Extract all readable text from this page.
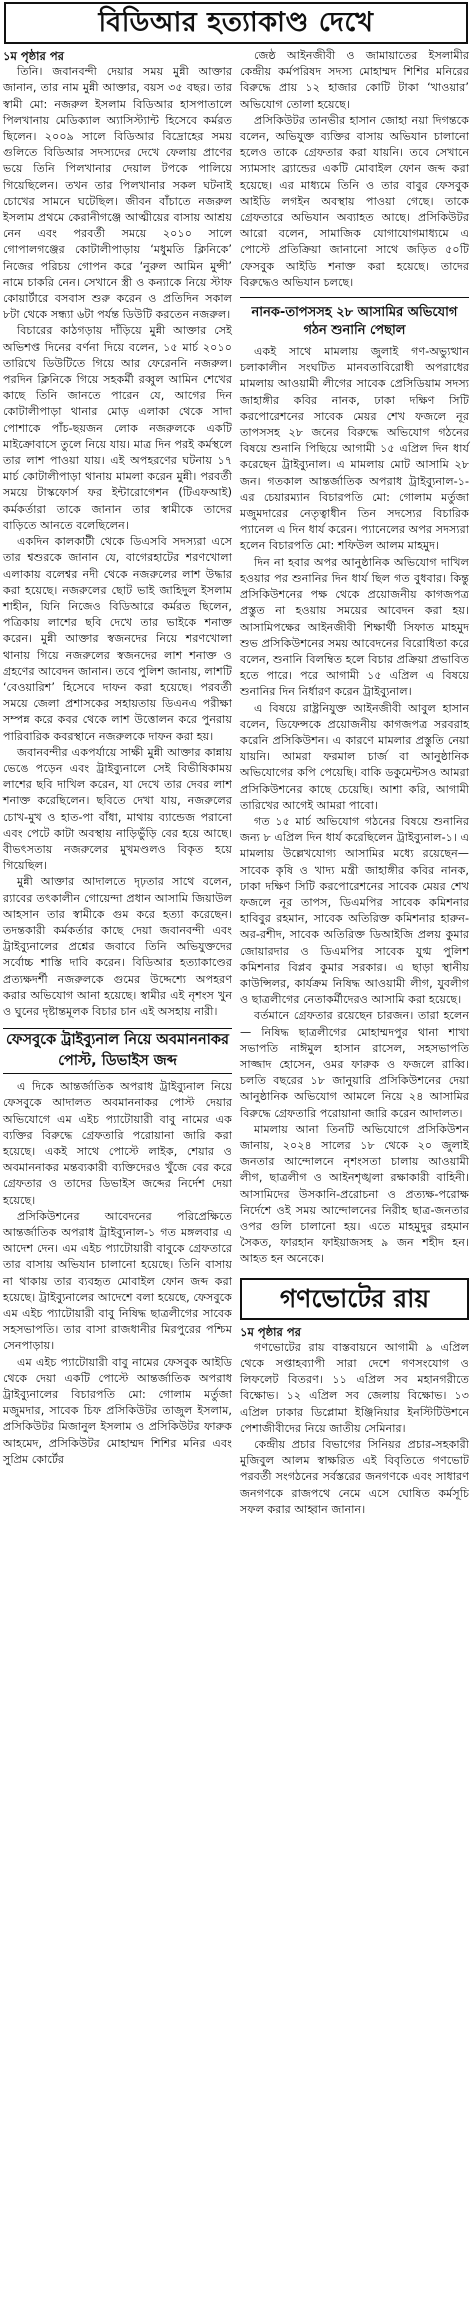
বিডিআর হত্যাকাণ্ড দেখে

১ম পৃষ্ঠার পর

তিনি। জবানবন্দী দেয়ার সময় মুন্নী আক্তার জানান, তার নাম মুন্নী আক্তার, বয়স ৩৫ বছর। তার স্বামী মো: নজরুল ইসলাম বিডিআর হাসপাতালে পিলখানায় মেডিক্যাল অ্যাসিস্ট্যান্ট হিসেবে কর্মরত ছিলেন। ২০০৯ সালে বিডিআর বিদ্রোহের সময় গুলিতে বিডিআর সদস্যদের দেখে ফেলায় প্রাণের ভয়ে তিনি পিলখানার দেয়াল টপকে পালিয়ে গিয়েছিলেন। তখন তার পিলখানার সকল ঘটনাই চোখের সামনে ঘটেছিল। জীবন বাঁচাতে নজরুল ইসলাম প্রথমে কেরানীগঞ্জে আত্মীয়ের বাসায় আশ্রয় নেন এবং পরবর্তী সময়ে ২০১০ সালে গোপালগঞ্জের কোটালীপাড়ায় ‘মধুমতি ক্লিনিকে’ নিজের পরিচয় গোপন করে ‘নুরুল আমিন মুন্সী’ নামে চাকরি নেন। সেখানে স্ত্রী ও কন্যাকে নিয়ে স্টাফ কোয়ার্টারে বসবাস শুরু করেন ও প্রতিদিন সকাল ৮টা থেকে সন্ধ্যা ৬টা পর্যন্ত ডিউটি করতেন নজরুল।

বিচারের কাঠগড়ায় দাঁড়িয়ে মুন্নী আক্তার সেই অভিশপ্ত দিনের বর্ণনা দিয়ে বলেন, ১৫ মার্চ ২০১০ তারিখে ডিউটিতে গিয়ে আর ফেরেননি নজরুল। পরদিন ক্লিনিকে গিয়ে সহকর্মী রব্বুল আমিন শেখের কাছে তিনি জানতে পারেন যে, আগের দিন কোটালীপাড়া থানার মোড় এলাকা থেকে সাদা পোশাকে পাঁচ-ছয়জন লোক নজরুলকে একটি মাইক্রোবাসে তুলে নিয়ে যায়। মাত্র দিন পরই কর্মস্থলে তার লাশ পাওয়া যায়। এই অপহরণের ঘটনায় ১৭ মার্চ কোটালীপাড়া থানায় মামলা করেন মুন্নী। পরবর্তী সময়ে টাস্কফোর্স ফর ইন্টারোগেশন (টিএফআই) কর্মকর্তারা তাকে জানান তার স্বামীকে তাদের বাড়িতে আনতে বলেছিলেন।

একদিন কালকাটী থেকে ডিএসবি সদস্যরা এসে তার শ্বশুরকে জানান যে, বাগেরহাটের শরণখোলা এলাকায় বলেশ্বর নদী থেকে নজরুলের লাশ উদ্ধার করা হয়েছে। নজরুলের ছোট ভাই জাহিদুল ইসলাম শাহীন, যিনি নিজেও বিডিআরে কর্মরত ছিলেন, পত্রিকায় লাশের ছবি দেখে তার ভাইকে শনাক্ত করেন। মুন্নী আক্তার স্বজনদের নিয়ে শরণখোলা থানায় গিয়ে নজরুলের স্বজনদের লাশ শনাক্ত ও গ্রহণের আবেদন জানান। তবে পুলিশ জানায়, লাশটি ‘বেওয়ারিশ’ হিসেবে দাফন করা হয়েছে। পরবর্তী সময়ে জেলা প্রশাসকের সহায়তায় ডিএনএ পরীক্ষা সম্পন্ন করে কবর থেকে লাশ উত্তোলন করে পুনরায় পারিবারিক কবরস্থানে নজরুলকে দাফন করা হয়।

জবানবন্দীর একপর্যায়ে সাক্ষী মুন্নী আক্তার কান্নায় ভেঙে পড়েন এবং ট্রাইব্যুনালে সেই বিভীষিকাময় লাশের ছবি দাখিল করেন, যা দেখে তার দেবর লাশ শনাক্ত করেছিলেন। ছবিতে দেখা যায়, নজরুলের চোখ-মুখ ও হাত-পা বাঁধা, মাথায় ব্যান্ডেজ পরানো এবং পেটে কাটা অবস্থায় নাড়িভুঁড়ি বের হয়ে আছে। বীভৎসতায় নজরুলের মুখমণ্ডলও বিকৃত হয়ে গিয়েছিল।

মুন্নী আক্তার আদালতে দৃঢ়তার সাথে বলেন, র‌্যাবের তৎকালীন গোয়েন্দা প্রধান আসামি জিয়াউল আহসান তার স্বামীকে গুম করে হত্যা করেছেন। তদন্তকারী কর্মকর্তার কাছে দেয়া জবানবন্দী এবং ট্রাইব্যুনালের প্রশ্নের জবাবে তিনি অভিযুক্তদের সর্বোচ্চ শাস্তি দাবি করেন। বিডিআর হত্যাকাণ্ডের প্রত্যক্ষদর্শী নজরুলকে গুমের উদ্দেশ্যে অপহরণ করার অভিযোগ আনা হয়েছে। স্বামীর এই নৃশংস খুন ও ঘুনের দৃষ্টান্তমূলক বিচার চান এই অসহায় নারী।

ফেসবুকে ট্রাইব্যুনাল নিয়ে অবমাননাকর পোস্ট, ডিভাইস জব্দ

এ দিকে আন্তর্জাতিক অপরাধ ট্রাইব্যুনাল নিয়ে ফেসবুকে আদালত অবমাননাকর পোস্ট দেয়ার অভিযোগে এম এইচ প্যাটোয়ারী বাবু নামের এক ব্যক্তির বিরুদ্ধে গ্রেফতারি পরোয়ানা জারি করা হয়েছে। একই সাথে পোস্টে লাইক, শেয়ার ও অবমাননাকর মন্তব্যকারী ব্যক্তিদেরও খুঁজে বের করে গ্রেফতার ও তাদের ডিভাইস জব্দের নির্দেশ দেয়া হয়েছে।

প্রসিকিউশনের আবেদনের পরিপ্রেক্ষিতে আন্তর্জাতিক অপরাধ ট্রাইব্যুনাল-১ গত মঙ্গলবার এ আদেশ দেন। এম এইচ প্যাটোয়ারী বাবুকে গ্রেফতারে তার বাসায় অভিযান চালানো হয়েছে। তিনি বাসায় না থাকায় তার ব্যবহৃত মোবাইল ফোন জব্দ করা হয়েছে। ট্রাইব্যুনালের আদেশে বলা হয়েছে, ফেসবুকে এম এইচ প্যাটোয়ারী বাবু নিষিদ্ধ ছাত্রলীগের সাবেক সহসভাপতি। তার বাসা রাজধানীর মিরপুরের পশ্চিম সেনপাড়ায়।

এম এইচ প্যাটোয়ারী বাবু নামের ফেসবুক আইডি থেকে দেয়া একটি পোস্টে আন্তর্জাতিক অপরাধ ট্রাইব্যুনালের বিচারপতি মো: গোলাম মর্তুজা মজুমদার, সাবেক চিফ প্রসিকিউটর তাজুল ইসলাম, প্রসিকিউটর মিজানুল ইসলাম ও প্রসিকিউটর ফারুক আহমেদ, প্রসিকিউটর মোহাম্মদ শিশির মনির এবং সুপ্রিম কোর্টের

জেষ্ঠ আইনজীবী ও জামায়াতের ইসলামীর কেন্দ্রীয় কর্মপরিষদ সদস্য মোহাম্মদ শিশির মনিরের বিরুদ্ধে প্রায় ১২ হাজার কোটি টাকা ‘খাওয়ার’ অভিযোগ তোলা হয়েছে।

প্রসিকিউটর তানভীর হাসান জোহা নয়া দিগন্তকে বলেন, অভিযুক্ত ব্যক্তির বাসায় অভিযান চালানো হলেও তাকে গ্রেফতার করা যায়নি। তবে সেখানে স্যামসাং ব্র্যান্ডের একটি মোবাইল ফোন জব্দ করা হয়েছে। এর মাধ্যমে তিনি ও তার বাবুর ফেসবুক আইডি লগইন অবস্থায় পাওয়া গেছে। তাকে গ্রেফতারে অভিযান অব্যাহত আছে। প্রসিকিউটর আরো বলেন, সামাজিক যোগাযোগমাধ্যমে এ পোস্টে প্রতিক্রিয়া জানানো সাথে জড়িত ৫০টি ফেসবুক আইডি শনাক্ত করা হয়েছে। তাদের বিরুদ্ধেও অভিযান চলছে।

নানক-তাপসসহ ২৮ আসামির অভিযোগ গঠন শুনানি পেছাল

একই সাথে মামলায় জুলাই গণ-অভ্যুত্থান চলাকালীন সংঘটিত মানবতাবিরোধী অপরাধের মামলায় আওয়ামী লীগের সাবেক প্রেসিডিয়াম সদস্য জাহাঙ্গীর কবির নানক, ঢাকা দক্ষিণ সিটি করপোরেশনের সাবেক মেয়র শেখ ফজলে নূর তাপসসহ ২৮ জনের বিরুদ্ধে অভিযোগ গঠনের বিষয়ে শুনানি পিছিয়ে আগামী ১৫ এপ্রিল দিন ধার্য করেছেন ট্রাইব্যুনাল। এ মামলায় মোট আসামি ২৮ জন। গতকাল আন্তর্জাতিক অপরাধ ট্রাইব্যুনাল-১-এর চেয়ারম্যান বিচারপতি মো: গোলাম মর্তুজা মজুমদারের নেতৃত্বাধীন তিন সদস্যের বিচারিক প্যানেল এ দিন ধার্য করেন। প্যানেলের অপর সদস্যরা হলেন বিচারপতি মো: শফিউল আলম মাহমুদ।

দিন না হবার অপর আনুষ্ঠানিক অভিযোগ দাখিল হওয়ার পর শুনানির দিন ধার্য ছিল গত বুধবার। কিন্তু প্রসিকিউশনের পক্ষ থেকে প্রয়োজনীয় কাগজপত্র প্রস্তুত না হওয়ায় সময়ের আবেদন করা হয়। আসামিপক্ষের আইনজীবী শিক্ষার্থী সিফাত মাহমুদ শুভ প্রসিকিউশনের সময় আবেদনের বিরোধিতা করে বলেন, শুনানি বিলম্বিত হলে বিচার প্রক্রিয়া প্রভাবিত হতে পারে। পরে আগামী ১৫ এপ্রিল এ বিষয়ে শুনানির দিন নির্ধারণ করেন ট্রাইব্যুনাল।

এ বিষয়ে রাষ্ট্রনিযুক্ত আইনজীবী আবুল হাসান বলেন, ডিফেন্সকে প্রয়োজনীয় কাগজপত্র সরবরাহ করেনি প্রসিকিউশন। এ কারণে মামলার প্রস্তুতি নেয়া যায়নি। আমরা ফরমাল চার্জ বা আনুষ্ঠানিক অভিযোগের কপি পেয়েছি। বাকি ডকুমেন্টসও আমরা প্রসিকিউশনের কাছে চেয়েছি। আশা করি, আগামী তারিখের আগেই আমরা পাবো।

গত ১৫ মার্চ অভিযোগ গঠনের বিষয়ে শুনানির জন্য ৮ এপ্রিল দিন ধার্য করেছিলেন ট্রাইব্যুনাল-১। এ মামলায় উল্লেখযোগ্য আসামির মধ্যে রয়েছেন— সাবেক কৃষি ও খাদ্য মন্ত্রী জাহাঙ্গীর কবির নানক, ঢাকা দক্ষিণ সিটি করপোরেশনের সাবেক মেয়র শেখ ফজলে নূর তাপস, ডিএমপির সাবেক কমিশনার হাবিবুর রহমান, সাবেক অতিরিক্ত কমিশনার হারুন-অর-রশীদ, সাবেক অতিরিক্ত ডিআইজি প্রলয় কুমার জোয়ারদার ও ডিএমপির সাবেক যুগ্ম পুলিশ কমিশনার বিপ্লব কুমার সরকার। এ ছাড়া স্থানীয় কাউন্সিলর, কার্যক্রম নিষিদ্ধ আওয়ামী লীগ, যুবলীগ ও ছাত্রলীগের নেতাকর্মীদেরও আসামি করা হয়েছে।

বর্তমানে গ্রেফতার রয়েছেন চারজন। তারা হলেন— নিষিদ্ধ ছাত্রলীগের মোহাম্মদপুর থানা শাখা সভাপতি নাঈমুল হাসান রাসেল, সহসভাপতি সাজ্জাদ হোসেন, ওমর ফারুক ও ফজলে রাব্বি। চলতি বছরের ১৮ জানুয়ারি প্রসিকিউশনের দেয়া আনুষ্ঠানিক অভিযোগ আমলে নিয়ে ২৪ আসামির বিরুদ্ধে গ্রেফতারি পরোয়ানা জারি করেন আদালত।

মামলায় আনা তিনটি অভিযোগে প্রসিকিউশন জানায়, ২০২৪ সালের ১৮ থেকে ২০ জুলাই জনতার আন্দোলনে নৃশংসতা চালায় আওয়ামী লীগ, ছাত্রলীগ ও আইনশৃঙ্খলা রক্ষাকারী বাহিনী। আসামিদের উসকানি-প্ররোচনা ও প্রত্যক্ষ-পরোক্ষ নির্দেশে ওই সময় আন্দোলনের নিরীহ ছাত্র-জনতার ওপর গুলি চালানো হয়। এতে মাহমুদুর রহমান সৈকত, ফারহান ফাইয়াজসহ ৯ জন শহীদ হন। আহত হন অনেকে।

গণভোটের রায়

১ম পৃষ্ঠার পর

গণভোটের রায় বাস্তবায়নে আগামী ৯ এপ্রিল থেকে সপ্তাহব্যাপী সারা দেশে গণসংযোগ ও লিফলেট বিতরণ। ১১ এপ্রিল সব মহানগরীতে বিক্ষোভ। ১২ এপ্রিল সব জেলায় বিক্ষোভ। ১৩ এপ্রিল ঢাকার ডিপ্লোমা ইঞ্জিনিয়ার ইনস্টিটিউশনে পেশাজীবীদের নিয়ে জাতীয় সেমিনার।

কেন্দ্রীয় প্রচার বিভাগের সিনিয়র প্রচার-সহকারী মুজিবুল আলম স্বাক্ষরিত এই বিবৃতিতে গণভোট পরবর্তী সংগঠনের সর্বস্তরের জনগণকে এবং সাধারণ জনগণকে রাজপথে নেমে এসে ঘোষিত কর্মসূচি সফল করার আহ্বান জানান।
